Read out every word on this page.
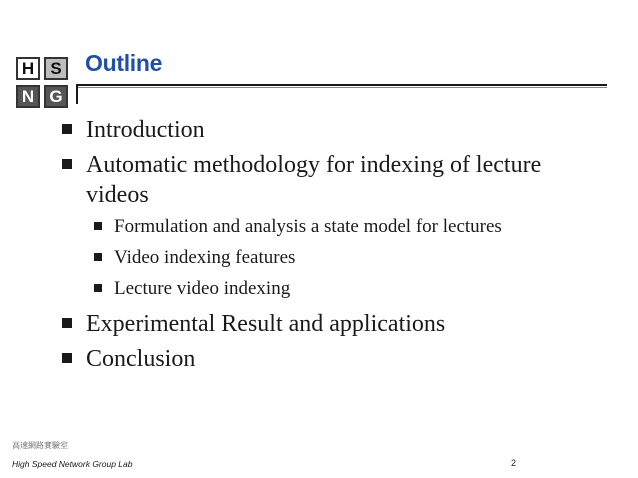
H S
N G
Outline
Introduction
Automatic methodology for indexing of lecture
videos
Formulation and analysis a state model for lectures
Video indexing features
Lecture video indexing
Experimental Result and applications
Conclusion
高速網路實驗室
High Speed Network Group Lab	2
